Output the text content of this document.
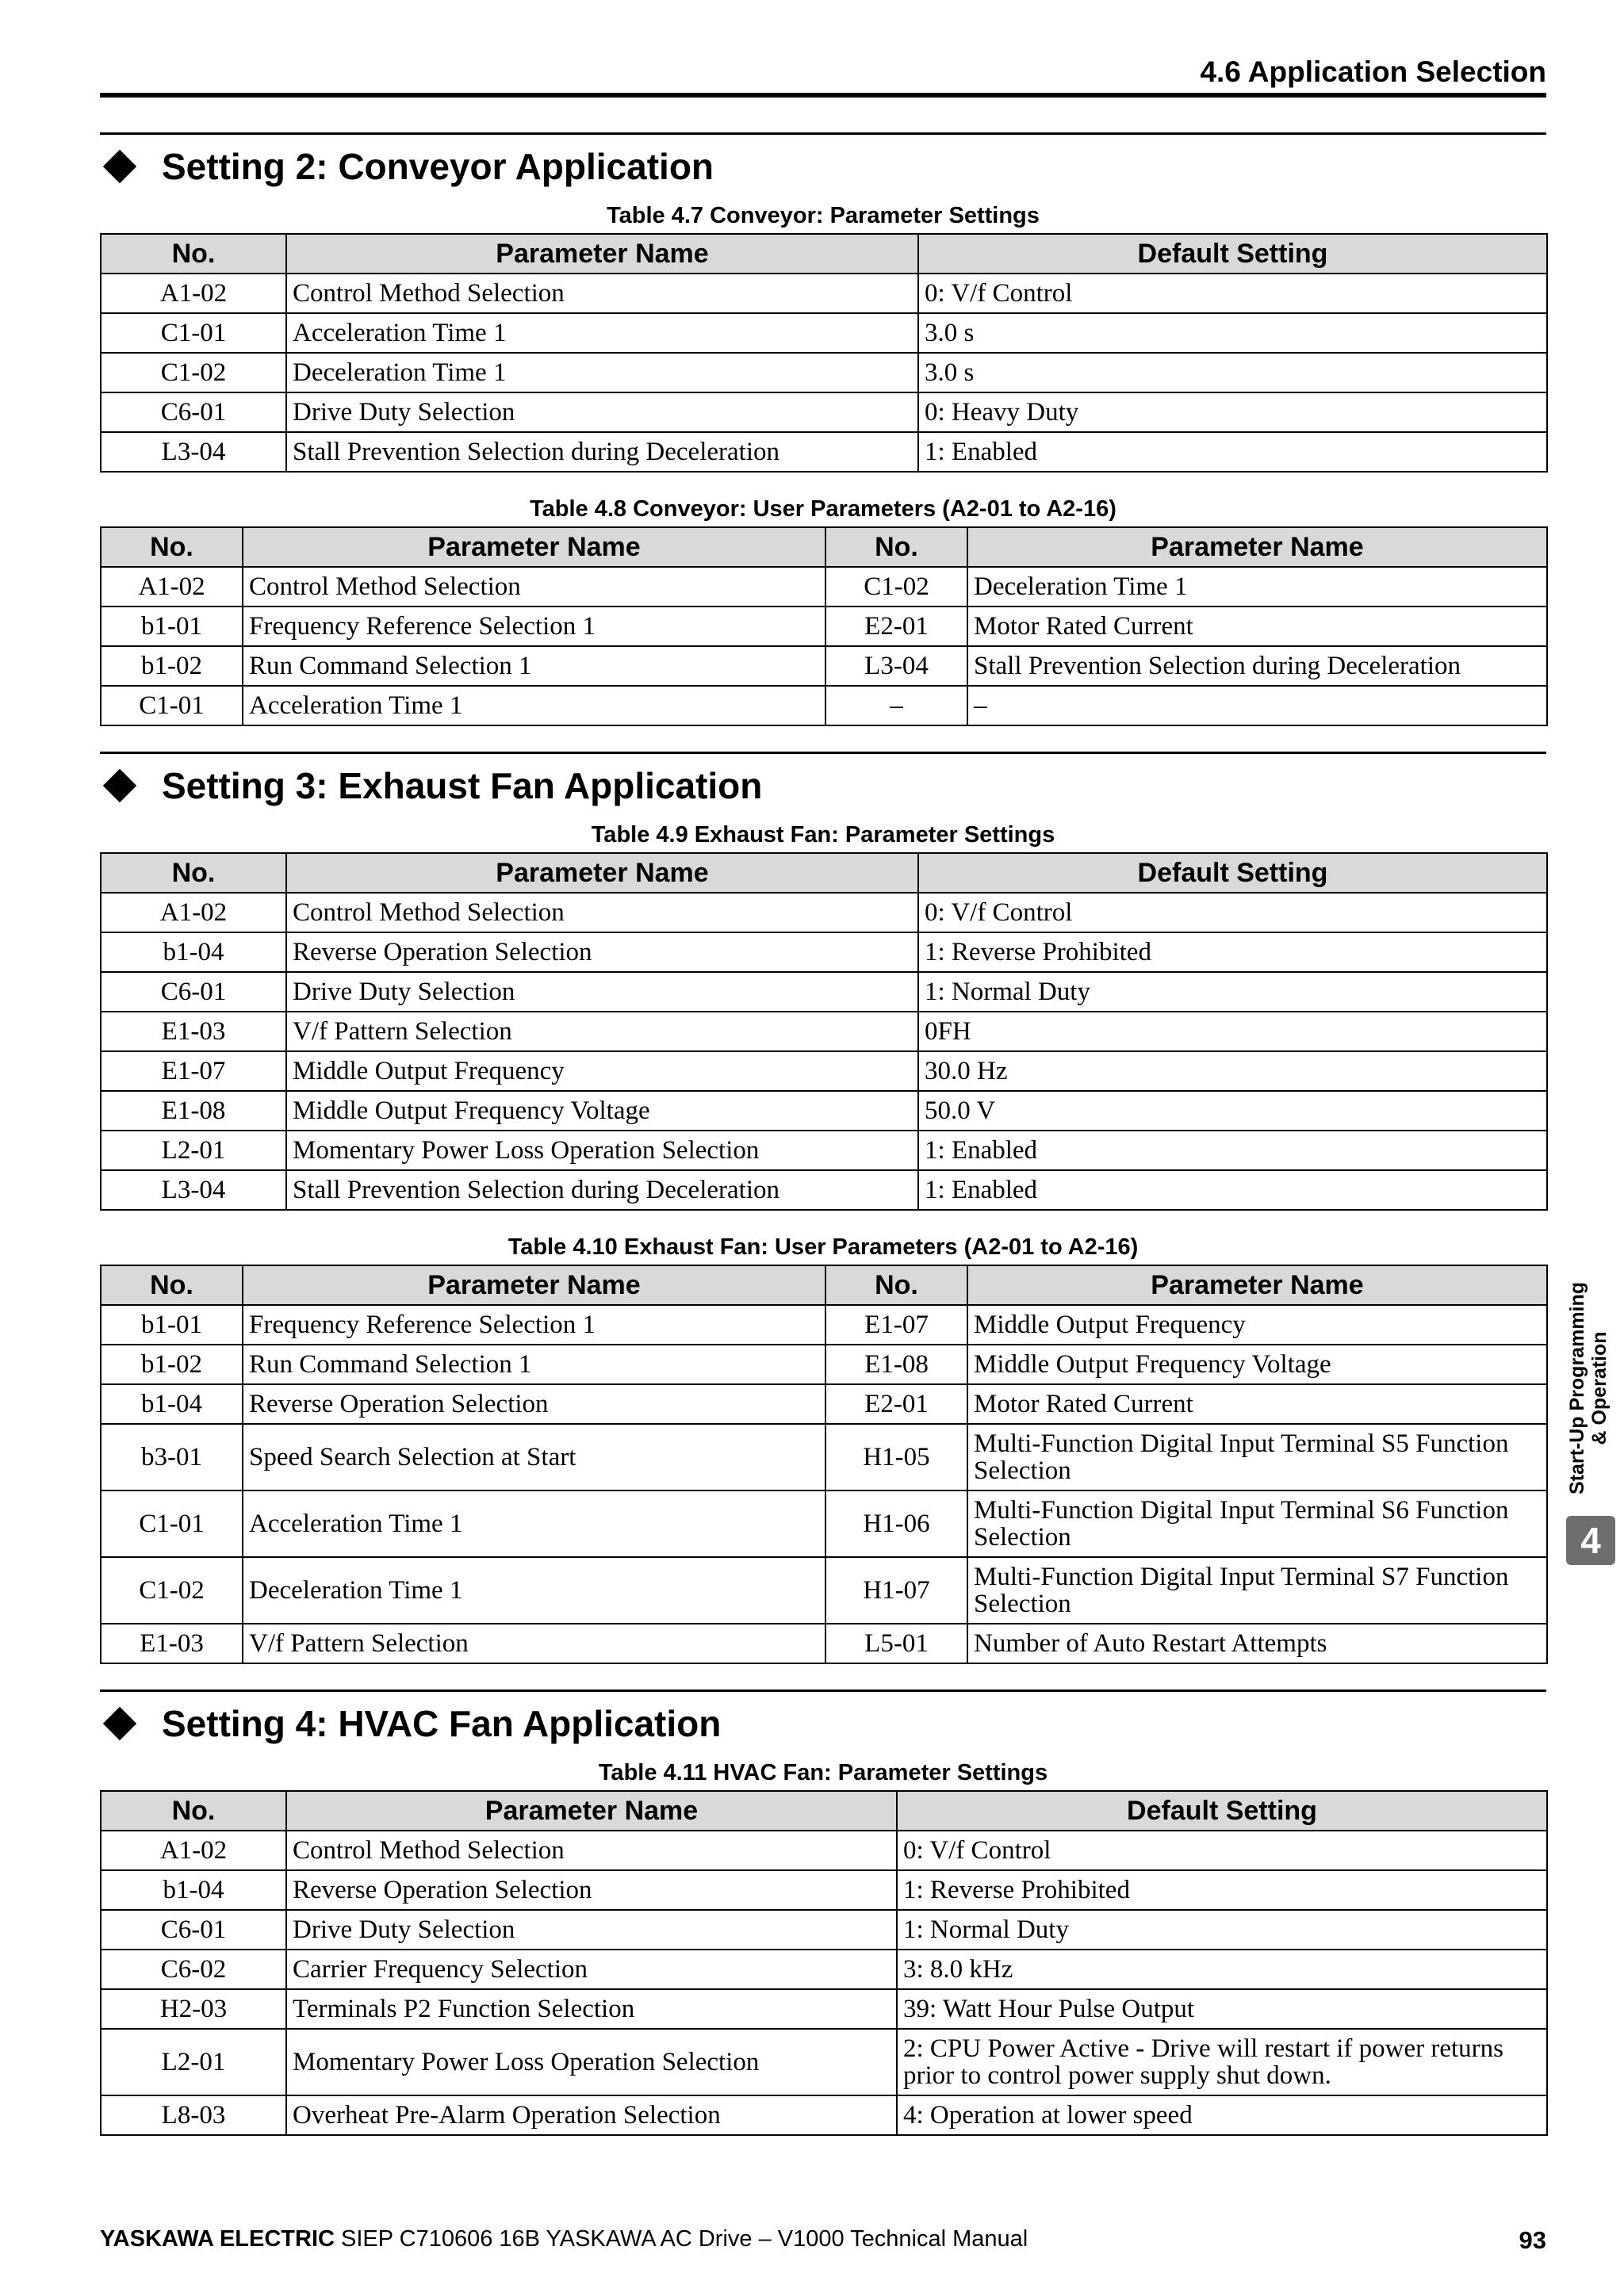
4.6 Application Selection
Setting 2: Conveyor Application
Table 4.7 Conveyor: Parameter Settings
No.	Parameter Name	Default Setting
A1-02	Control Method Selection	0: V/f Control
C1-01	Acceleration Time 1	3.0 s
C1-02	Deceleration Time 1	3.0 s
C6-01	Drive Duty Selection	0: Heavy Duty
L3-04	Stall Prevention Selection during Deceleration	1: Enabled
Table 4.8 Conveyor: User Parameters (A2-01 to A2-16)
No.	Parameter Name	No.	Parameter Name
A1-02	Control Method Selection	C1-02	Deceleration Time 1
b1-01	Frequency Reference Selection 1	E2-01	Motor Rated Current
b1-02	Run Command Selection 1	L3-04	Stall Prevention Selection during Deceleration
C1-01	Acceleration Time 1	–	–
Setting 3: Exhaust Fan Application
Table 4.9 Exhaust Fan: Parameter Settings
No.	Parameter Name	Default Setting
A1-02	Control Method Selection	0: V/f Control
b1-04	Reverse Operation Selection	1: Reverse Prohibited
C6-01	Drive Duty Selection	1: Normal Duty
E1-03	V/f Pattern Selection	0FH
E1-07	Middle Output Frequency	30.0 Hz
E1-08	Middle Output Frequency Voltage	50.0 V
L2-01	Momentary Power Loss Operation Selection	1: Enabled
L3-04	Stall Prevention Selection during Deceleration	1: Enabled
Table 4.10 Exhaust Fan: User Parameters (A2-01 to A2-16)
No.	Parameter Name	No.	Parameter Name
b1-01	Frequency Reference Selection 1	E1-07	Middle Output Frequency
b1-02	Run Command Selection 1	E1-08	Middle Output Frequency Voltage
b1-04	Reverse Operation Selection	E2-01	Motor Rated Current
b3-01	Speed Search Selection at Start	H1-05	Multi-Function Digital Input Terminal S5 Function Selection
C1-01	Acceleration Time 1	H1-06	Multi-Function Digital Input Terminal S6 Function Selection
C1-02	Deceleration Time 1	H1-07	Multi-Function Digital Input Terminal S7 Function Selection
E1-03	V/f Pattern Selection	L5-01	Number of Auto Restart Attempts
Setting 4: HVAC Fan Application
Table 4.11 HVAC Fan: Parameter Settings
No.	Parameter Name	Default Setting
A1-02	Control Method Selection	0: V/f Control
b1-04	Reverse Operation Selection	1: Reverse Prohibited
C6-01	Drive Duty Selection	1: Normal Duty
C6-02	Carrier Frequency Selection	3: 8.0 kHz
H2-03	Terminals P2 Function Selection	39: Watt Hour Pulse Output
L2-01	Momentary Power Loss Operation Selection	2: CPU Power Active - Drive will restart if power returns prior to control power supply shut down.
L8-03	Overheat Pre-Alarm Operation Selection	4: Operation at lower speed
Start-Up Programming & Operation
4
YASKAWA ELECTRIC SIEP C710606 16B YASKAWA AC Drive – V1000 Technical Manual	93
